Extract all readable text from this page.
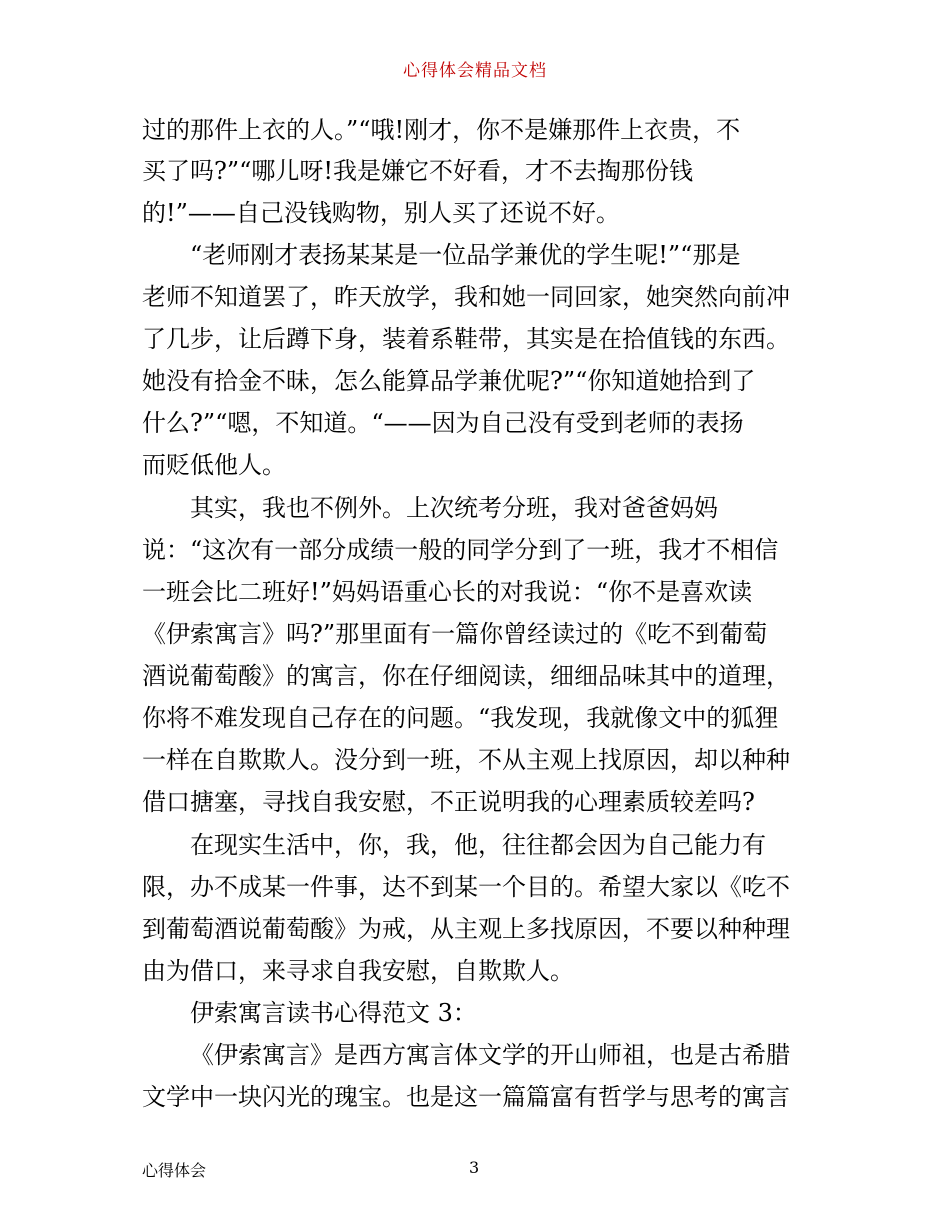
心得体会精品文档
过的那件上衣的人。”“哦!刚才，你不是嫌那件上衣贵，不
买了吗?”“哪儿呀!我是嫌它不好看，才不去掏那份钱
的!”——自己没钱购物，别人买了还说不好。
“老师刚才表扬某某是一位品学兼优的学生呢!”“那是
老师不知道罢了，昨天放学，我和她一同回家，她突然向前冲
了几步，让后蹲下身，装着系鞋带，其实是在拾值钱的东西。
她没有拾金不昧，怎么能算品学兼优呢?”“你知道她拾到了
什么?”“嗯，不知道。“——因为自己没有受到老师的表扬
而贬低他人。
其实，我也不例外。上次统考分班，我对爸爸妈妈
说：“这次有一部分成绩一般的同学分到了一班，我才不相信
一班会比二班好!”妈妈语重心长的对我说：“你不是喜欢读
《伊索寓言》吗?”那里面有一篇你曾经读过的《吃不到葡萄
酒说葡萄酸》的寓言，你在仔细阅读，细细品味其中的道理，
你将不难发现自己存在的问题。“我发现，我就像文中的狐狸
一样在自欺欺人。没分到一班，不从主观上找原因，却以种种
借口搪塞，寻找自我安慰，不正说明我的心理素质较差吗?
在现实生活中，你，我，他，往往都会因为自己能力有
限，办不成某一件事，达不到某一个目的。希望大家以《吃不
到葡萄酒说葡萄酸》为戒，从主观上多找原因，不要以种种理
由为借口，来寻求自我安慰，自欺欺人。
伊索寓言读书心得范文 3：
《伊索寓言》是西方寓言体文学的开山师祖，也是古希腊
文学中一块闪光的瑰宝。也是这一篇篇富有哲学与思考的寓言
心得体会	3
